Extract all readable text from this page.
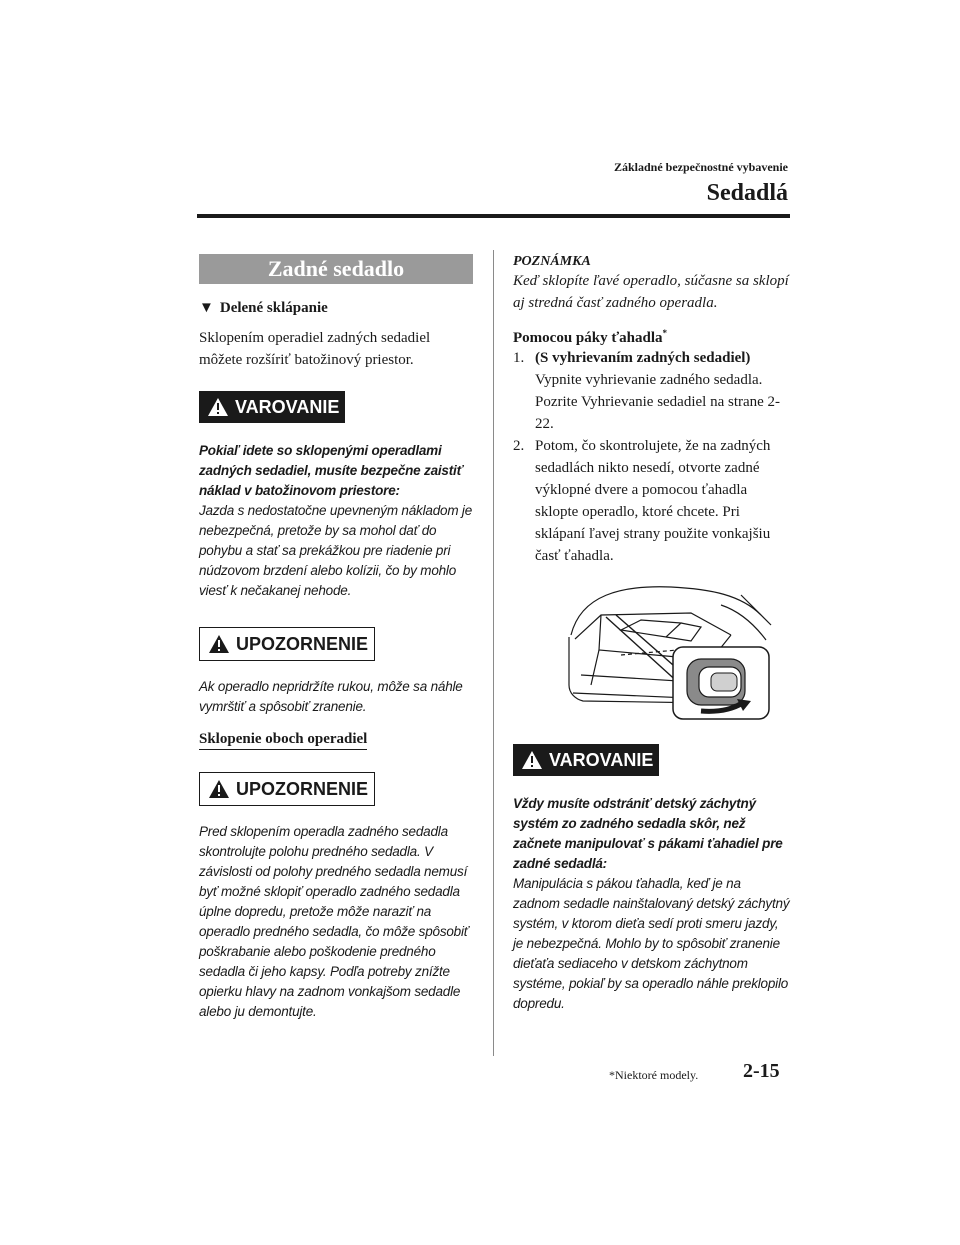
Základné bezpečnostné vybavenie
Sedadlá
Zadné sedadlo
▼ Delené sklápanie
Sklopením operadiel zadných sedadiel môžete rozšíriť batožinový priestor.
VAROVANIE
Pokiaľ idete so sklopenými operadlami zadných sedadiel, musíte bezpečne zaistiť náklad v batožinovom priestore:
Jazda s nedostatočne upevneným nákladom je nebezpečná, pretože by sa mohol dať do pohybu a stať sa prekážkou pre riadenie pri núdzovom brzdení alebo kolízii, čo by mohlo viesť k nečakanej nehode.
UPOZORNENIE
Ak operadlo nepridržíte rukou, môže sa náhle vymrštiť a spôsobiť zranenie.
Sklopenie oboch operadiel
UPOZORNENIE
Pred sklopením operadla zadného sedadla skontrolujte polohu predného sedadla. V závislosti od polohy predného sedadla nemusí byť možné sklopiť operadlo zadného sedadla úplne dopredu, pretože môže naraziť na operadlo predného sedadla, čo môže spôsobiť poškrabanie alebo poškodenie predného sedadla či jeho kapsy. Podľa potreby znížte opierku hlavy na zadnom vonkajšom sedadle alebo ju demontujte.
POZNÁMKA
Keď sklopíte ľavé operadlo, súčasne sa sklopí aj stredná časť zadného operadla.
Pomocou páky ťahadla*
1. (S vyhrievaním zadných sedadiel)
Vypnite vyhrievanie zadného sedadla. Pozrite Vyhrievanie sedadiel na strane 2-22.
2. Potom, čo skontrolujete, že na zadných sedadlách nikto nesedí, otvorte zadné výklopné dvere a pomocou ťahadla sklopte operadlo, ktoré chcete. Pri sklápaní ľavej strany použite vonkajšiu časť ťahadla.

VAROVANIE
Vždy musíte odstrániť detský záchytný systém zo zadného sedadla skôr, než začnete manipulovať s pákami ťahadiel pre zadné sedadlá:
Manipulácia s pákou ťahadla, keď je na zadnom sedadle nainštalovaný detský záchytný systém, v ktorom dieťa sedí proti smeru jazdy, je nebezpečná. Mohlo by to spôsobiť zranenie dieťaťa sediaceho v detskom záchytnom systéme, pokiaľ by sa operadlo náhle preklopilo dopredu.
*Niektoré modely. 2-15
